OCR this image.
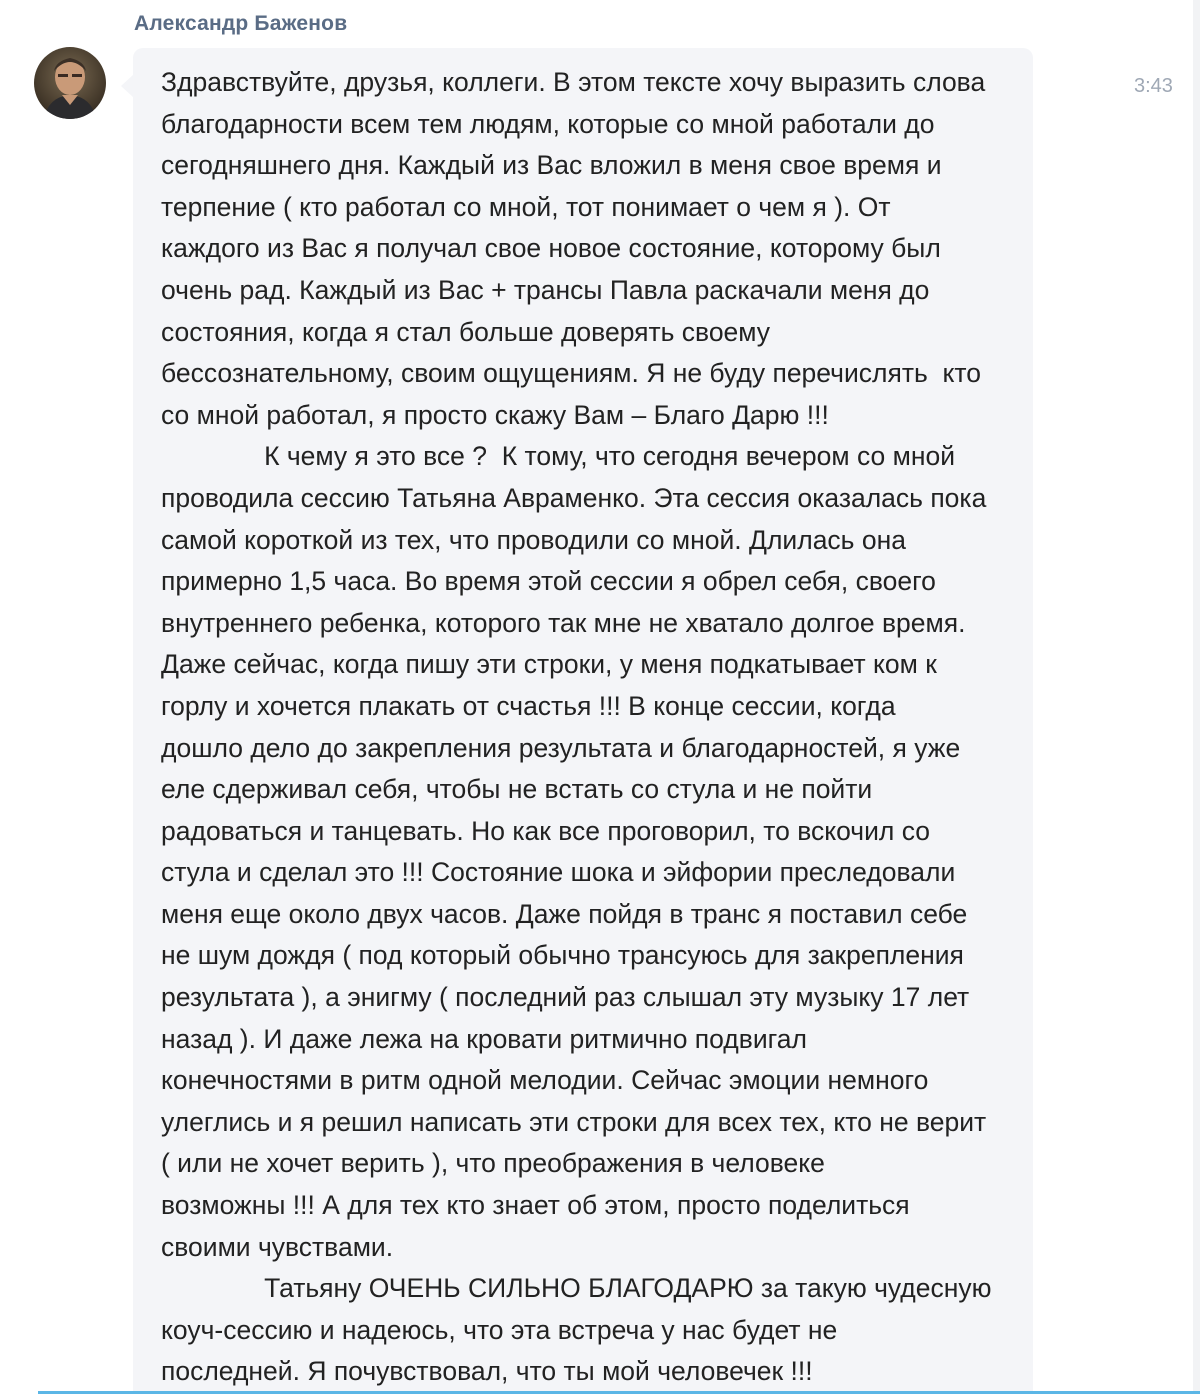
Александр Баженов
Здравствуйте, друзья, коллеги. В этом тексте хочу выразить слова
благодарности всем тем людям, которые со мной работали до
сегодняшнего дня. Каждый из Вас вложил в меня свое время и
терпение ( кто работал со мной, тот понимает о чем я ). От
каждого из Вас я получал свое новое состояние, которому был
очень рад. Каждый из Вас + трансы Павла раскачали меня до
состояния, когда я стал больше доверять своему
бессознательному, своим ощущениям. Я не буду перечислять  кто
со мной работал, я просто скажу Вам – Благо Дарю !!!
К чему я это все ?  К тому, что сегодня вечером со мной
проводила сессию Татьяна Авраменко. Эта сессия оказалась пока
самой короткой из тех, что проводили со мной. Длилась она
примерно 1,5 часа. Во время этой сессии я обрел себя, своего
внутреннего ребенка, которого так мне не хватало долгое время.
Даже сейчас, когда пишу эти строки, у меня подкатывает ком к
горлу и хочется плакать от счастья !!! В конце сессии, когда
дошло дело до закрепления результата и благодарностей, я уже
еле сдерживал себя, чтобы не встать со стула и не пойти
радоваться и танцевать. Но как все проговорил, то вскочил со
стула и сделал это !!! Состояние шока и эйфории преследовали
меня еще около двух часов. Даже пойдя в транс я поставил себе
не шум дождя ( под который обычно трансуюсь для закрепления
результата ), а энигму ( последний раз слышал эту музыку 17 лет
назад ). И даже лежа на кровати ритмично подвигал
конечностями в ритм одной мелодии. Сейчас эмоции немного
улеглись и я решил написать эти строки для всех тех, кто не верит
( или не хочет верить ), что преображения в человеке
возможны !!! А для тех кто знает об этом, просто поделиться
своими чувствами.
Татьяну ОЧЕНЬ СИЛЬНО БЛАГОДАРЮ за такую чудесную
коуч-сессию и надеюсь, что эта встреча у нас будет не
последней. Я почувствовал, что ты мой человечек !!!
3:43
